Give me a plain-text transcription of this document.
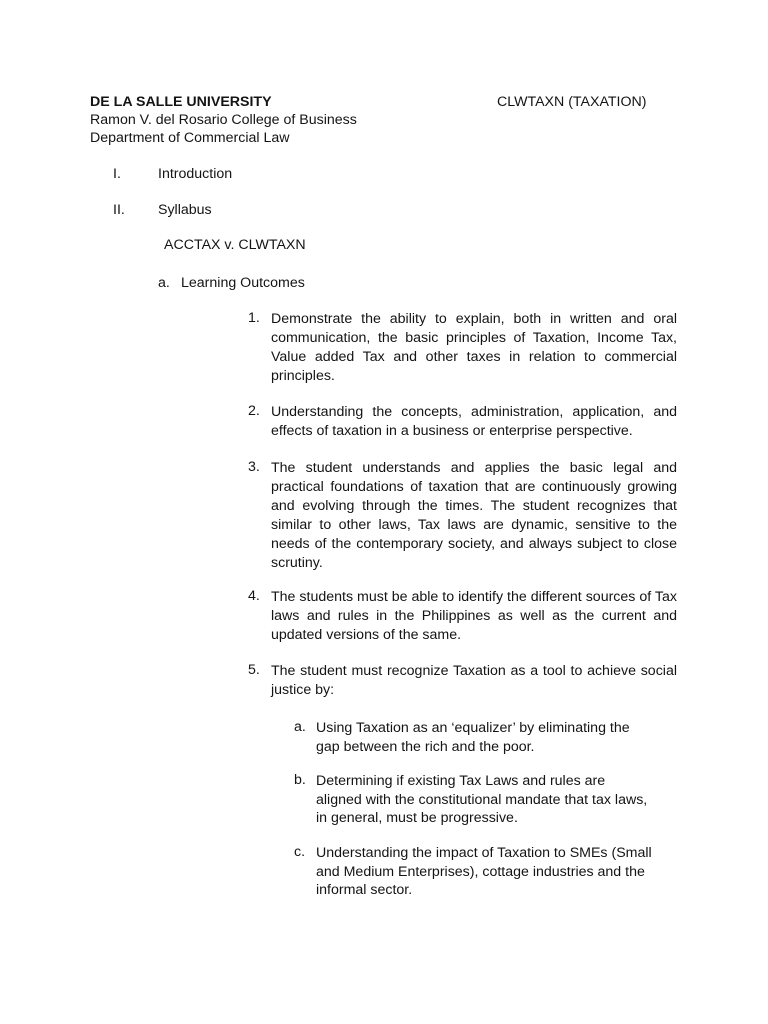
DE LA SALLE UNIVERSITY	CLWTAXN (TAXATION)
Ramon V. del Rosario College of Business
Department of Commercial Law
I.	Introduction
II. Syllabus
ACCTAX v. CLWTAXN
a. Learning Outcomes
1. Demonstrate the ability to explain, both in written and oral communication, the basic principles of Taxation, Income Tax, Value added Tax and other taxes in relation to commercial principles.
2. Understanding the concepts, administration, application, and effects of taxation in a business or enterprise perspective.
3. The student understands and applies the basic legal and practical foundations of taxation that are continuously growing and evolving through the times. The student recognizes that similar to other laws, Tax laws are dynamic, sensitive to the needs of the contemporary society, and always subject to close scrutiny.
4. The students must be able to identify the different sources of Tax laws and rules in the Philippines as well as the current and updated versions of the same.
5. The student must recognize Taxation as a tool to achieve social justice by:
a. Using Taxation as an ‘equalizer’ by eliminating the
gap between the rich and the poor.
b. Determining if existing Tax Laws and rules are
aligned with the constitutional mandate that tax laws,
in general, must be progressive.
c. Understanding the impact of Taxation to SMEs (Small
and Medium Enterprises), cottage industries and the
informal sector.
